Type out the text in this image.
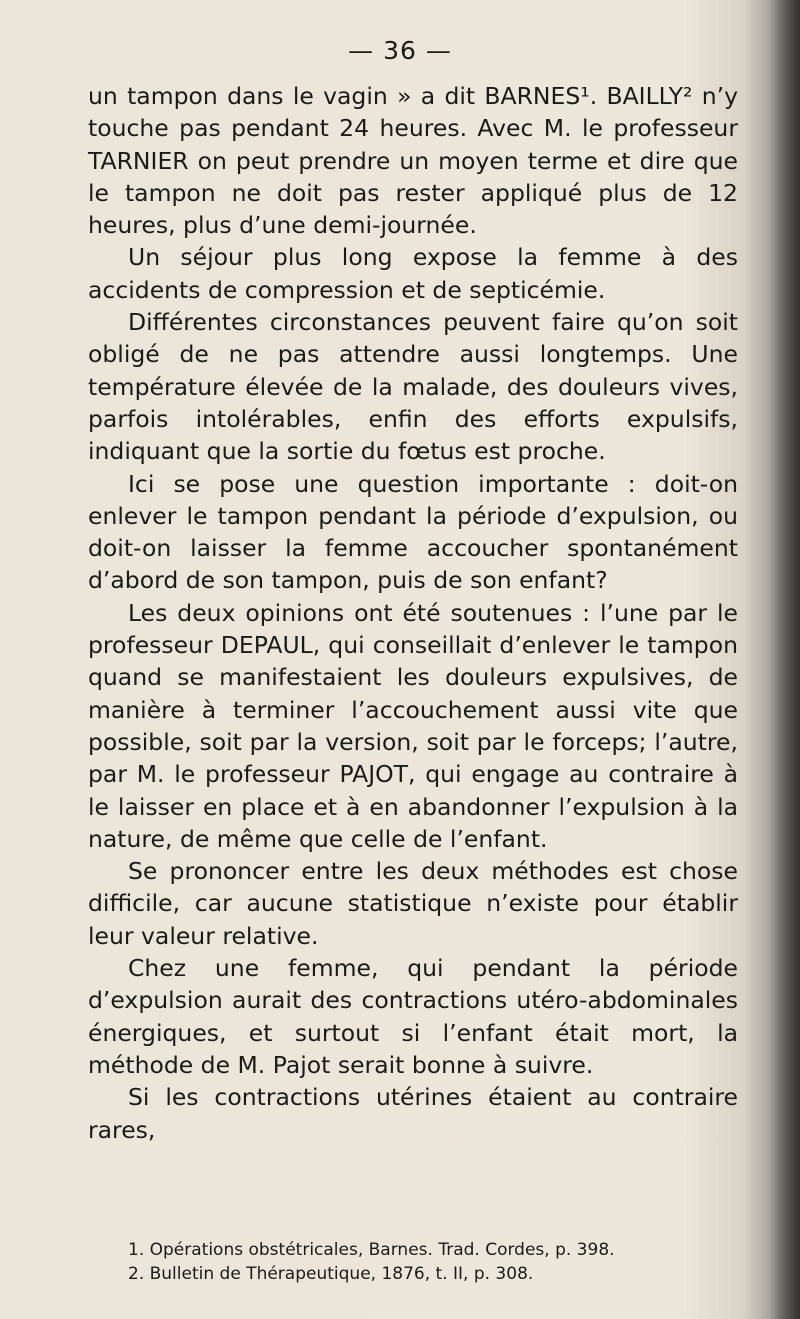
— 36 —

un tampon dans le vagin » a dit BARNES¹. BAILLY² n’y touche pas pendant 24 heures. Avec M. le professeur TARNIER on peut prendre un moyen terme et dire que le tampon ne doit pas rester appliqué plus de 12 heures, plus d’une demi-journée.

Un séjour plus long expose la femme à des accidents de compression et de septicémie.

Différentes circonstances peuvent faire qu’on soit obligé de ne pas attendre aussi longtemps. Une température élevée de la malade, des douleurs vives, parfois intolérables, enfin des efforts expulsifs, indiquant que la sortie du fœtus est proche.

Ici se pose une question importante : doit-on enlever le tampon pendant la période d’expulsion, ou doit-on laisser la femme accoucher spontanément d’abord de son tampon, puis de son enfant?

Les deux opinions ont été soutenues : l’une par le professeur DEPAUL, qui conseillait d’enlever le tampon quand se manifestaient les douleurs expulsives, de manière à terminer l’accouchement aussi vite que possible, soit par la version, soit par le forceps; l’autre, par M. le professeur PAJOT, qui engage au contraire à le laisser en place et à en abandonner l’expulsion à la nature, de même que celle de l’enfant.

Se prononcer entre les deux méthodes est chose difficile, car aucune statistique n’existe pour établir leur valeur relative.

Chez une femme, qui pendant la période d’expulsion aurait des contractions utéro-abdominales énergiques, et surtout si l’enfant était mort, la méthode de M. Pajot serait bonne à suivre.

Si les contractions utérines étaient au contraire rares,

1. Opérations obstétricales, Barnes. Trad. Cordes, p. 398.
2. Bulletin de Thérapeutique, 1876, t. II, p. 308.
